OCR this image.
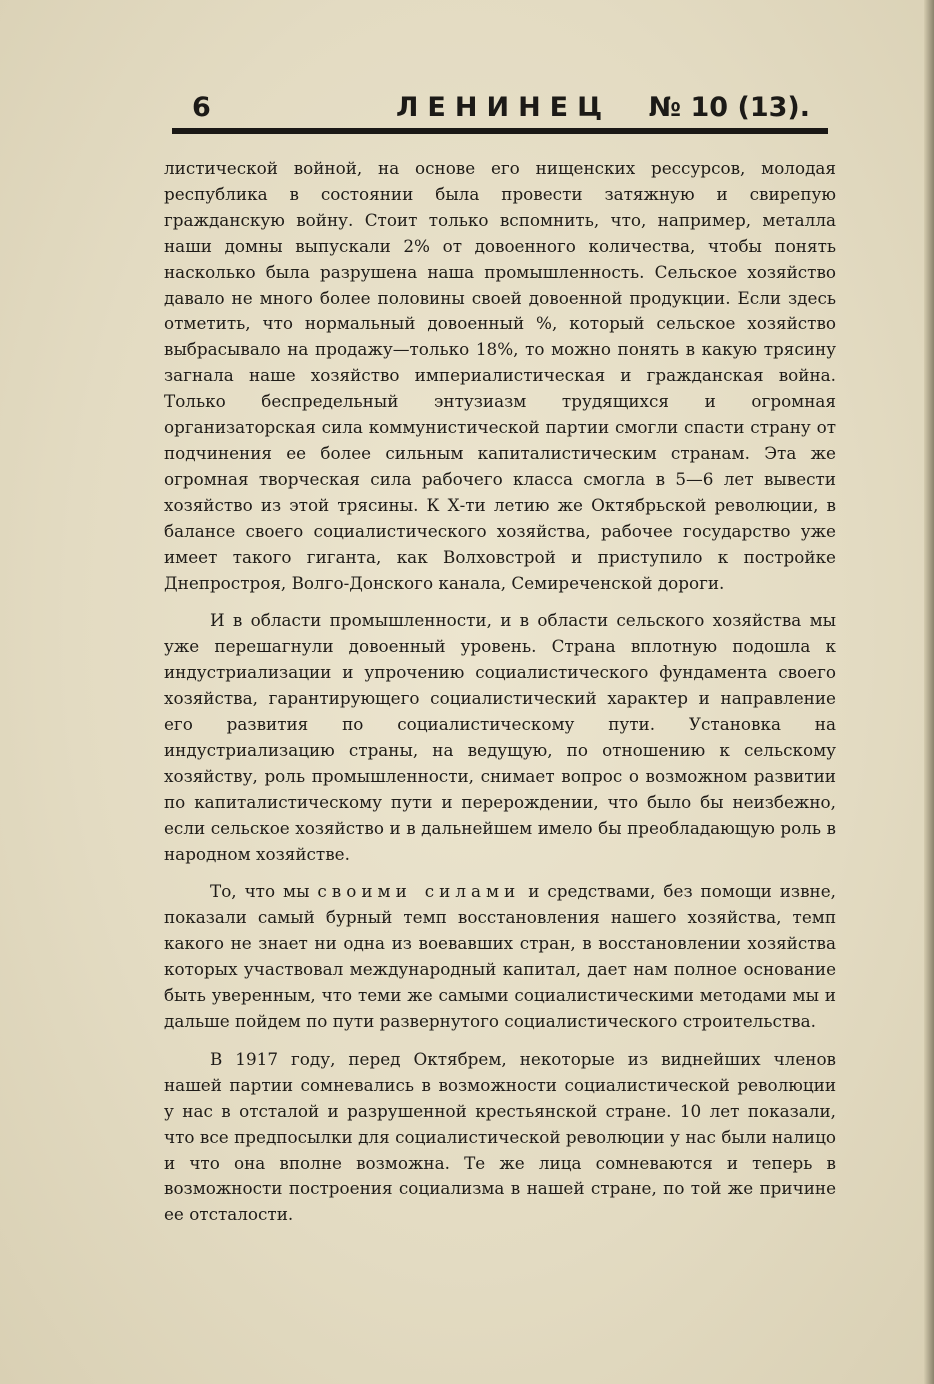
6	ЛЕНИНЕЦ № 10 (13).

листической войной, на основе его нищенских рессурсов, молодая республика в состоянии была провести затяжную и свирепую гражданскую войну. Стоит только вспомнить, что, например, металла наши домны выпускали 2% от довоенного количества, чтобы понять насколько была разрушена наша промышленность. Сельское хозяйство давало не много более половины своей довоенной продукции. Если здесь отметить, что нормальный довоенный %, который сельское хозяйство выбрасывало на продажу—только 18%, то можно понять в какую трясину загнала наше хозяйство империалистическая и гражданская война. Только беспредельный энтузиазм трудящихся и огромная организаторская сила коммунистической партии смогли спасти страну от подчинения ее более сильным капиталистическим странам. Эта же огромная творческая сила рабочего класса смогла в 5—6 лет вывести хозяйство из этой трясины. К Х-ти летию же Октябрьской революции, в балансе своего социалистического хозяйства, рабочее государство уже имеет такого гиганта, как Волховстрой и приступило к постройке Днепростроя, Волго-Донского канала, Семиреченской дороги.

И в области промышленности, и в области сельского хозяйства мы уже перешагнули довоенный уровень. Страна вплотную подошла к индустриализации и упрочению социалистического фундамента своего хозяйства, гарантирующего социалистический характер и направление его развития по социалистическому пути. Установка на индустриализацию страны, на ведущую, по отношению к сельскому хозяйству, роль промышленности, снимает вопрос о возможном развитии по капиталистическому пути и перерождении, что было бы неизбежно, если сельское хозяйство и в дальнейшем имело бы преобладающую роль в народном хозяйстве.

То, что мы своими силами и средствами, без помощи извне, показали самый бурный темп восстановления нашего хозяйства, темп какого не знает ни одна из воевавших стран, в восстановлении хозяйства которых участвовал международный капитал, дает нам полное основание быть уверенным, что теми же самыми социалистическими методами мы и дальше пойдем по пути развернутого социалистического строительства.

В 1917 году, перед Октябрем, некоторые из виднейших членов нашей партии сомневались в возможности социалистической революции у нас в отсталой и разрушенной крестьянской стране. 10 лет показали, что все предпосылки для социалистической революции у нас были налицо и что она вполне возможна. Те же лица сомневаются и теперь в возможности построения социализма в нашей стране, по той же причине ее отсталости.
